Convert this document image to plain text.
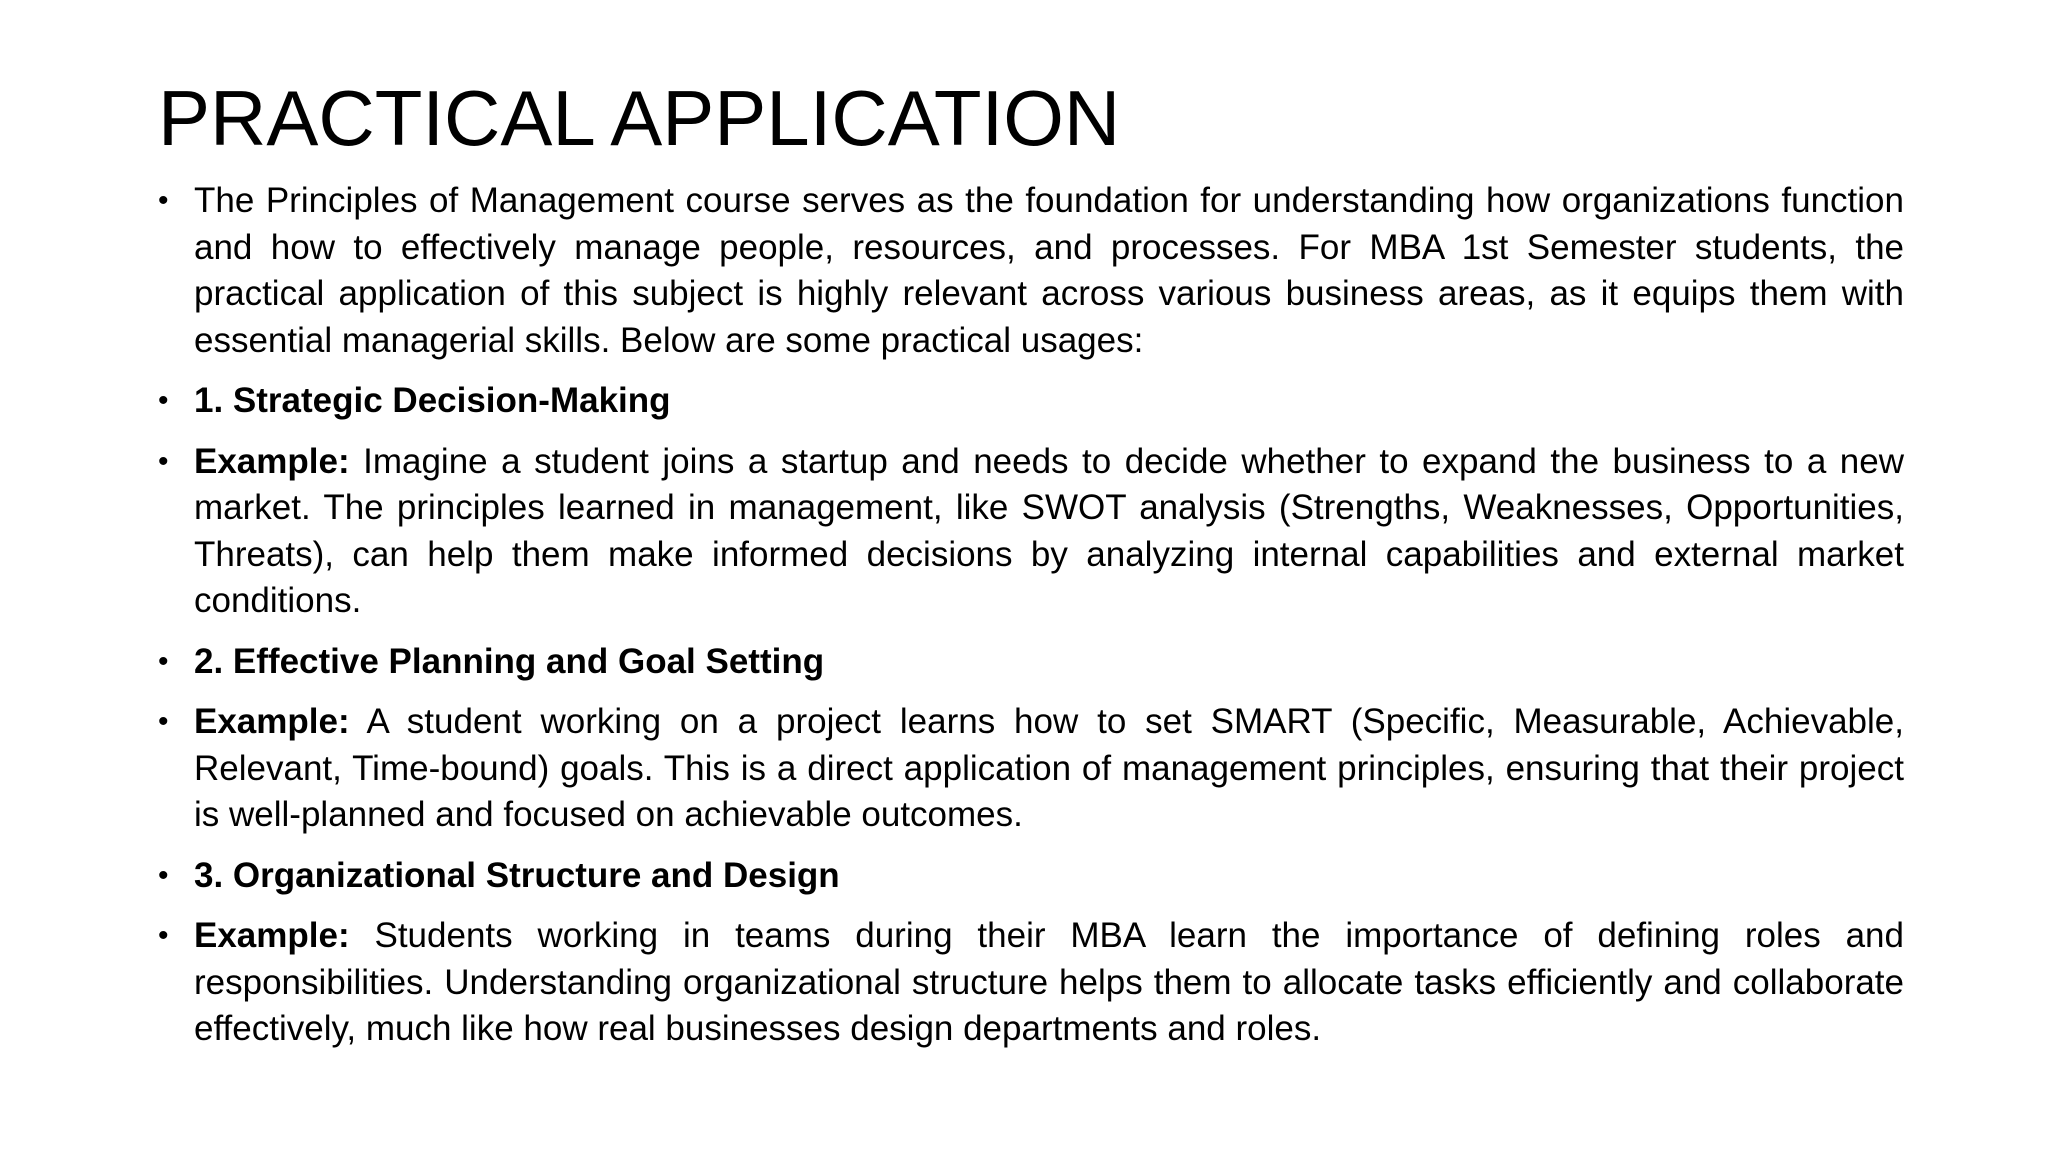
PRACTICAL APPLICATION
• The Principles of Management course serves as the foundation for understanding how organizations function and how to effectively manage people, resources, and processes. For MBA 1st Semester students, the practical application of this subject is highly relevant across various business areas, as it equips them with essential managerial skills. Below are some practical usages:
• 1. Strategic Decision-Making
• Example: Imagine a student joins a startup and needs to decide whether to expand the business to a new market. The principles learned in management, like SWOT analysis (Strengths, Weaknesses, Opportunities, Threats), can help them make informed decisions by analyzing internal capabilities and external market conditions.
• 2. Effective Planning and Goal Setting
• Example: A student working on a project learns how to set SMART (Specific, Measurable, Achievable, Relevant, Time-bound) goals. This is a direct application of management principles, ensuring that their project is well-planned and focused on achievable outcomes.
• 3. Organizational Structure and Design
• Example: Students working in teams during their MBA learn the importance of defining roles and responsibilities. Understanding organizational structure helps them to allocate tasks efficiently and collaborate effectively, much like how real businesses design departments and roles.
